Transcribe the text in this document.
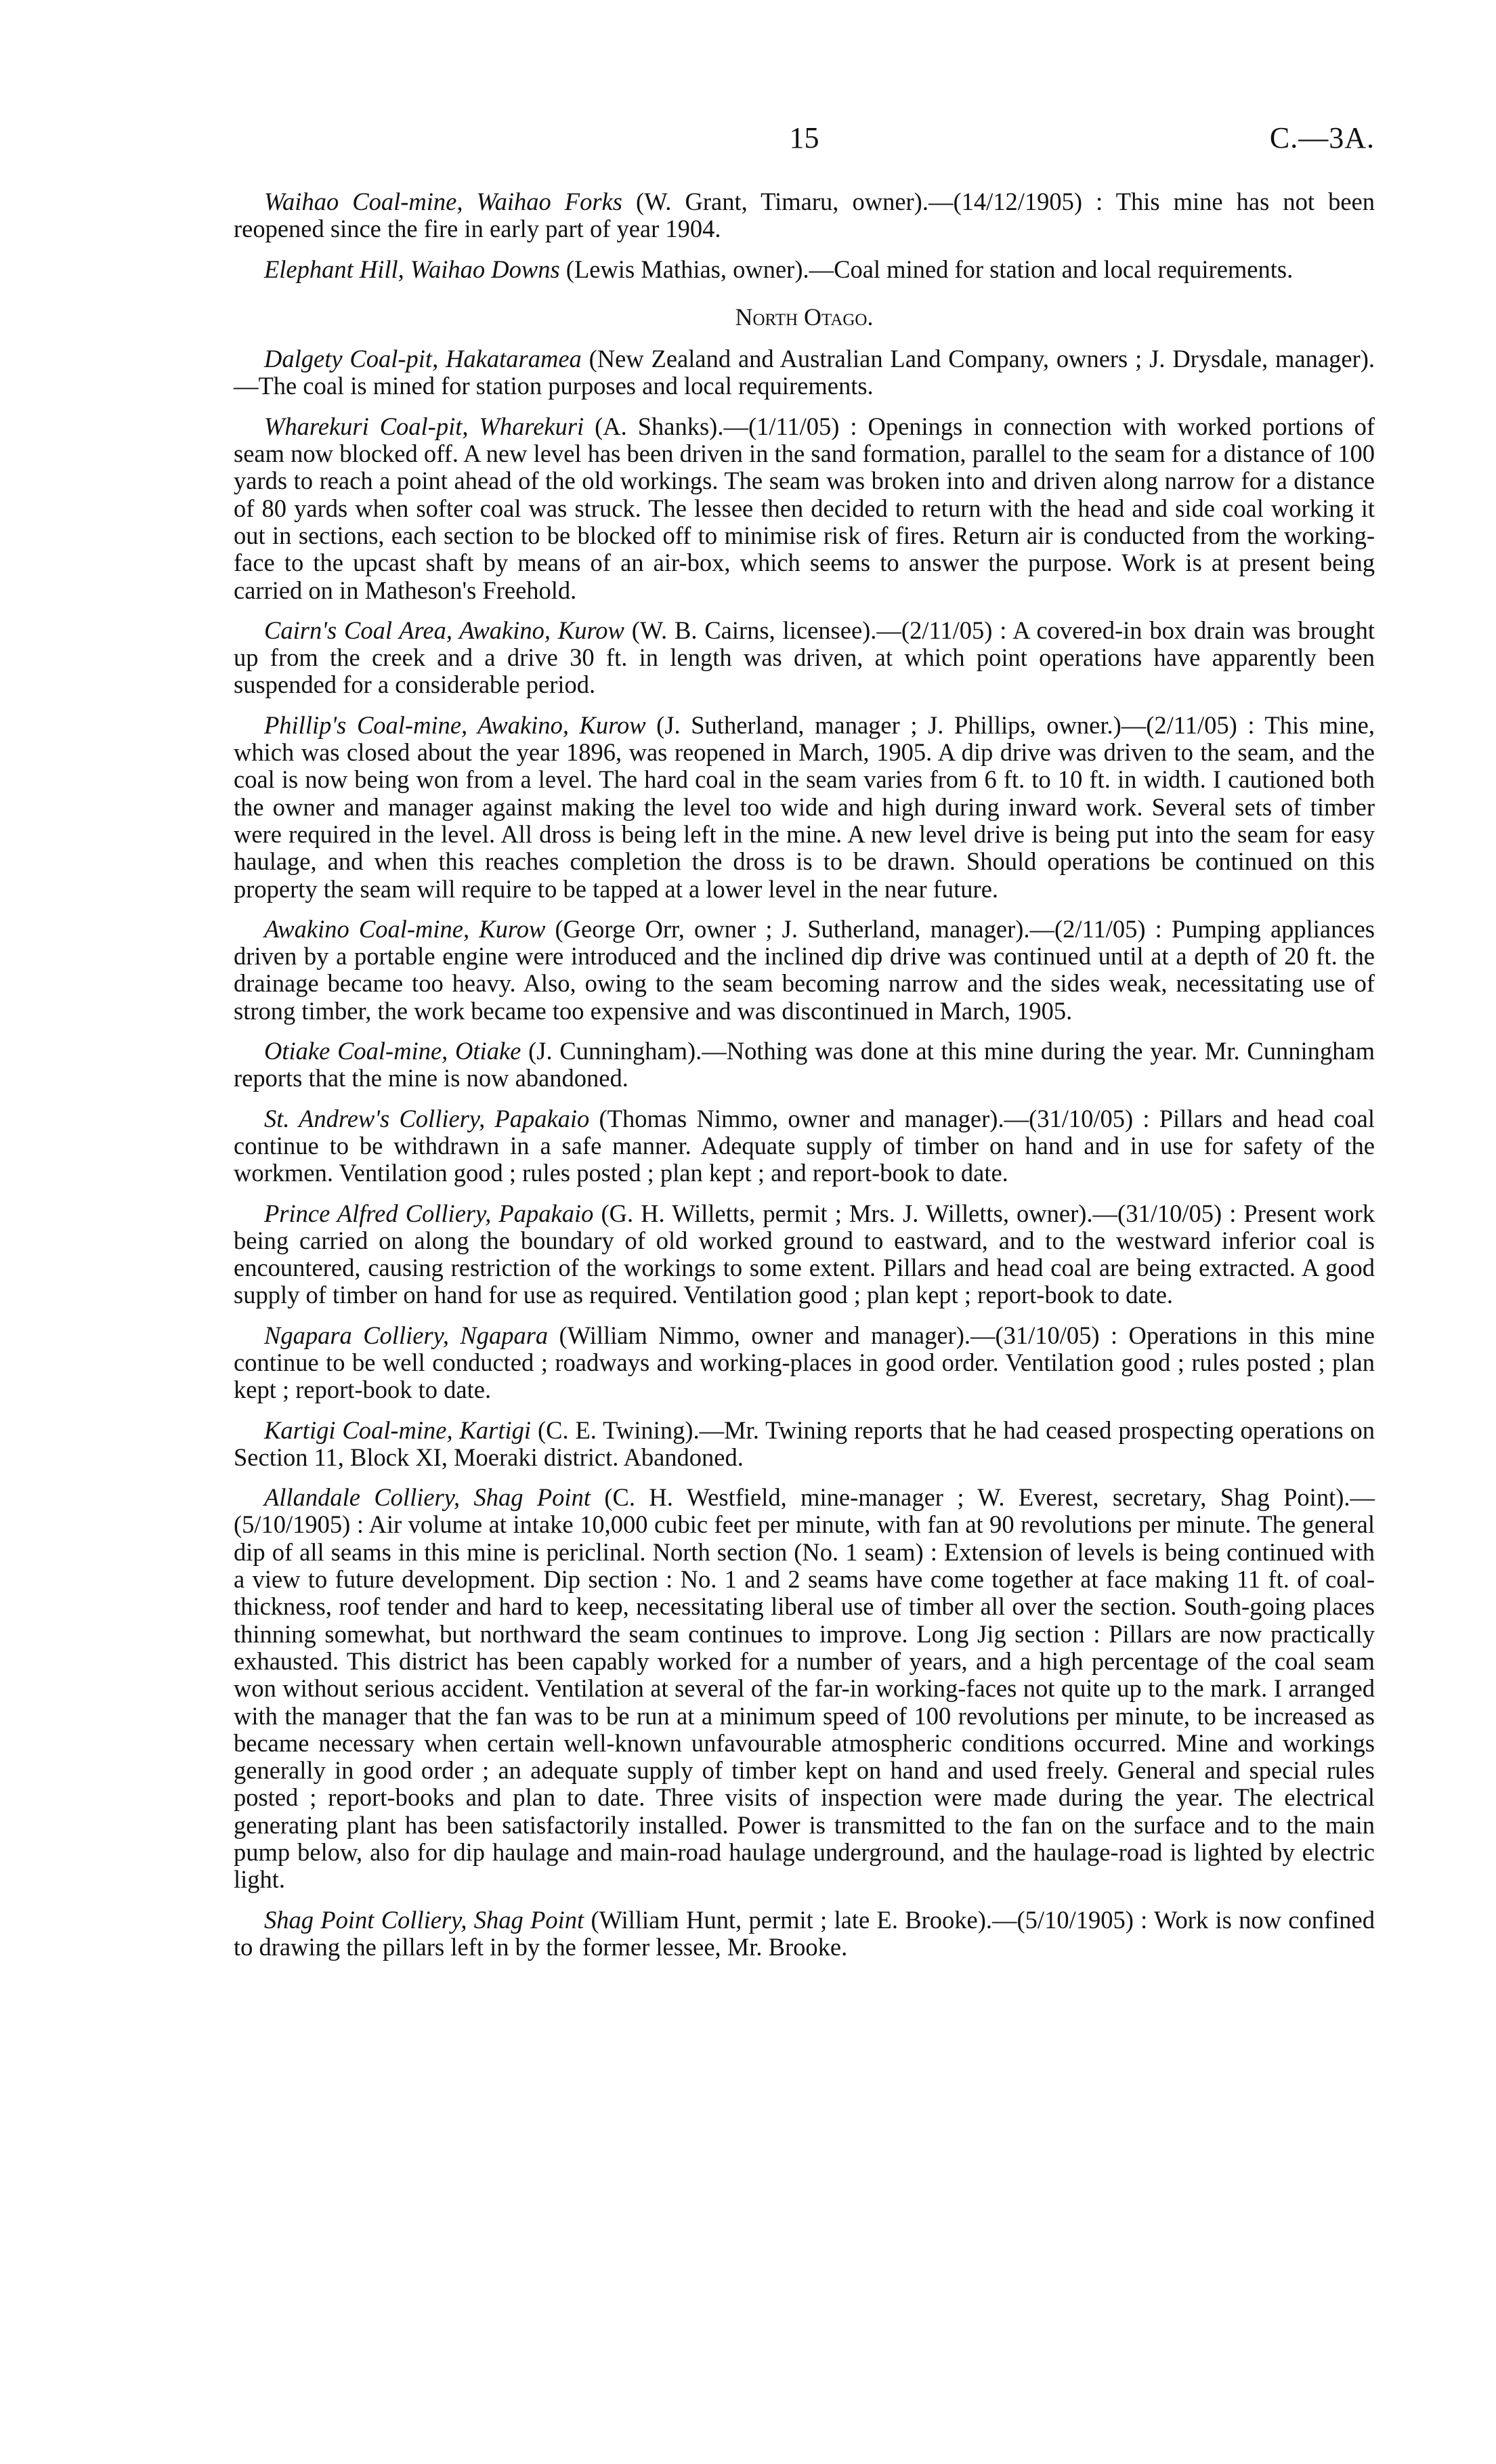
15	C.—3A.

Waihao Coal-mine, Waihao Forks (W. Grant, Timaru, owner).—(14/12/1905) : This mine has not been reopened since the fire in early part of year 1904.

Elephant Hill, Waihao Downs (Lewis Mathias, owner).—Coal mined for station and local requirements.

North Otago.

Dalgety Coal-pit, Hakataramea (New Zealand and Australian Land Company, owners ; J. Drysdale, manager).—The coal is mined for station purposes and local requirements.

Wharekuri Coal-pit, Wharekuri (A. Shanks).—(1/11/05) : Openings in connection with worked portions of seam now blocked off. A new level has been driven in the sand formation, parallel to the seam for a distance of 100 yards to reach a point ahead of the old workings. The seam was broken into and driven along narrow for a distance of 80 yards when softer coal was struck. The lessee then decided to return with the head and side coal working it out in sections, each section to be blocked off to minimise risk of fires. Return air is conducted from the working-face to the upcast shaft by means of an air-box, which seems to answer the purpose. Work is at present being carried on in Matheson's Freehold.

Cairn's Coal Area, Awakino, Kurow (W. B. Cairns, licensee).—(2/11/05) : A covered-in box drain was brought up from the creek and a drive 30 ft. in length was driven, at which point operations have apparently been suspended for a considerable period.

Phillip's Coal-mine, Awakino, Kurow (J. Sutherland, manager ; J. Phillips, owner.)—(2/11/05) : This mine, which was closed about the year 1896, was reopened in March, 1905. A dip drive was driven to the seam, and the coal is now being won from a level. The hard coal in the seam varies from 6 ft. to 10 ft. in width. I cautioned both the owner and manager against making the level too wide and high during inward work. Several sets of timber were required in the level. All dross is being left in the mine. A new level drive is being put into the seam for easy haulage, and when this reaches completion the dross is to be drawn. Should operations be continued on this property the seam will require to be tapped at a lower level in the near future.

Awakino Coal-mine, Kurow (George Orr, owner ; J. Sutherland, manager).—(2/11/05) : Pumping appliances driven by a portable engine were introduced and the inclined dip drive was continued until at a depth of 20 ft. the drainage became too heavy. Also, owing to the seam becoming narrow and the sides weak, necessitating use of strong timber, the work became too expensive and was discontinued in March, 1905.

Otiake Coal-mine, Otiake (J. Cunningham).—Nothing was done at this mine during the year. Mr. Cunningham reports that the mine is now abandoned.

St. Andrew's Colliery, Papakaio (Thomas Nimmo, owner and manager).—(31/10/05) : Pillars and head coal continue to be withdrawn in a safe manner. Adequate supply of timber on hand and in use for safety of the workmen. Ventilation good ; rules posted ; plan kept ; and report-book to date.

Prince Alfred Colliery, Papakaio (G. H. Willetts, permit ; Mrs. J. Willetts, owner).—(31/10/05) : Present work being carried on along the boundary of old worked ground to eastward, and to the westward inferior coal is encountered, causing restriction of the workings to some extent. Pillars and head coal are being extracted. A good supply of timber on hand for use as required. Ventilation good ; plan kept ; report-book to date.

Ngapara Colliery, Ngapara (William Nimmo, owner and manager).—(31/10/05) : Operations in this mine continue to be well conducted ; roadways and working-places in good order. Ventilation good ; rules posted ; plan kept ; report-book to date.

Kartigi Coal-mine, Kartigi (C. E. Twining).—Mr. Twining reports that he had ceased prospecting operations on Section 11, Block XI, Moeraki district. Abandoned.

Allandale Colliery, Shag Point (C. H. Westfield, mine-manager ; W. Everest, secretary, Shag Point).—(5/10/1905) : Air volume at intake 10,000 cubic feet per minute, with fan at 90 revolutions per minute. The general dip of all seams in this mine is periclinal. North section (No. 1 seam) : Extension of levels is being continued with a view to future development. Dip section : No. 1 and 2 seams have come together at face making 11 ft. of coal-thickness, roof tender and hard to keep, necessitating liberal use of timber all over the section. South-going places thinning somewhat, but northward the seam continues to improve. Long Jig section : Pillars are now practically exhausted. This district has been capably worked for a number of years, and a high percentage of the coal seam won without serious accident. Ventilation at several of the far-in working-faces not quite up to the mark. I arranged with the manager that the fan was to be run at a minimum speed of 100 revolutions per minute, to be increased as became necessary when certain well-known unfavourable atmospheric conditions occurred. Mine and workings generally in good order ; an adequate supply of timber kept on hand and used freely. General and special rules posted ; report-books and plan to date. Three visits of inspection were made during the year. The electrical generating plant has been satisfactorily installed. Power is transmitted to the fan on the surface and to the main pump below, also for dip haulage and main-road haulage underground, and the haulage-road is lighted by electric light.

Shag Point Colliery, Shag Point (William Hunt, permit ; late E. Brooke).—(5/10/1905) : Work is now confined to drawing the pillars left in by the former lessee, Mr. Brooke.
